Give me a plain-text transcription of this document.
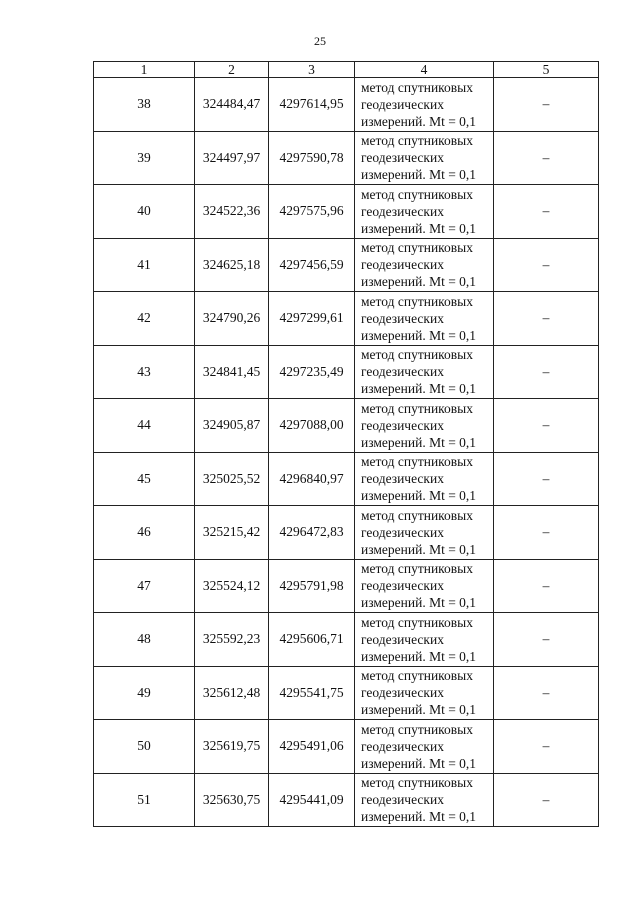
25
1	2	3	4	5
38	324484,47	4297614,95	метод спутниковых
геодезических
измерений. Mt = 0,1	–
39	324497,97	4297590,78	метод спутниковых
геодезических
измерений. Mt = 0,1	–
40	324522,36	4297575,96	метод спутниковых
геодезических
измерений. Mt = 0,1	–
41	324625,18	4297456,59	метод спутниковых
геодезических
измерений. Mt = 0,1	–
42	324790,26	4297299,61	метод спутниковых
геодезических
измерений. Mt = 0,1	–
43	324841,45	4297235,49	метод спутниковых
геодезических
измерений. Mt = 0,1	–
44	324905,87	4297088,00	метод спутниковых
геодезических
измерений. Mt = 0,1	–
45	325025,52	4296840,97	метод спутниковых
геодезических
измерений. Mt = 0,1	–
46	325215,42	4296472,83	метод спутниковых
геодезических
измерений. Mt = 0,1	–
47	325524,12	4295791,98	метод спутниковых
геодезических
измерений. Mt = 0,1	–
48	325592,23	4295606,71	метод спутниковых
геодезических
измерений. Mt = 0,1	–
49	325612,48	4295541,75	метод спутниковых
геодезических
измерений. Mt = 0,1	–
50	325619,75	4295491,06	метод спутниковых
геодезических
измерений. Mt = 0,1	–
51	325630,75	4295441,09	метод спутниковых
геодезических
измерений. Mt = 0,1	–
